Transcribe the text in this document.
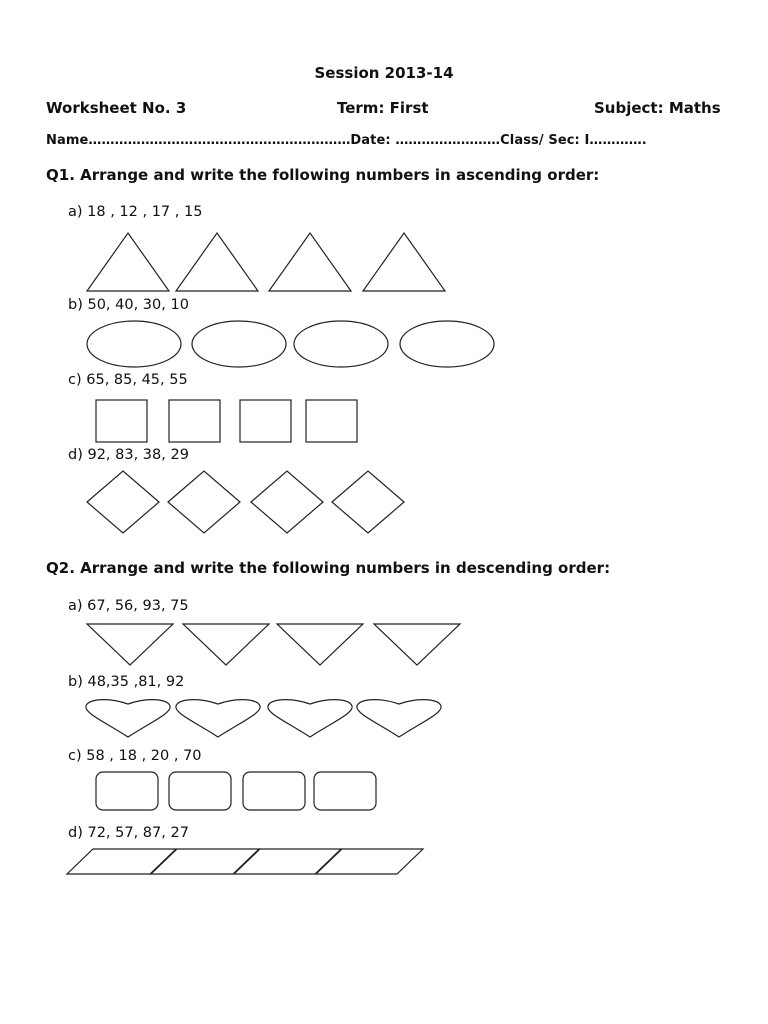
Session 2013-14
Worksheet No. 3	Term: First	Subject: Maths
Name……………………………………………………Date: ……………………Class/ Sec: I………….
Q1. Arrange and write the following numbers in ascending order:
a) 18 , 12 , 17 , 15
b) 50, 40, 30, 10
c) 65, 85, 45, 55
d) 92, 83, 38, 29
Q2. Arrange and write the following numbers in descending order:
a) 67, 56, 93, 75
b) 48,35 ,81, 92
c) 58 , 18 , 20 , 70
d) 72, 57, 87, 27
